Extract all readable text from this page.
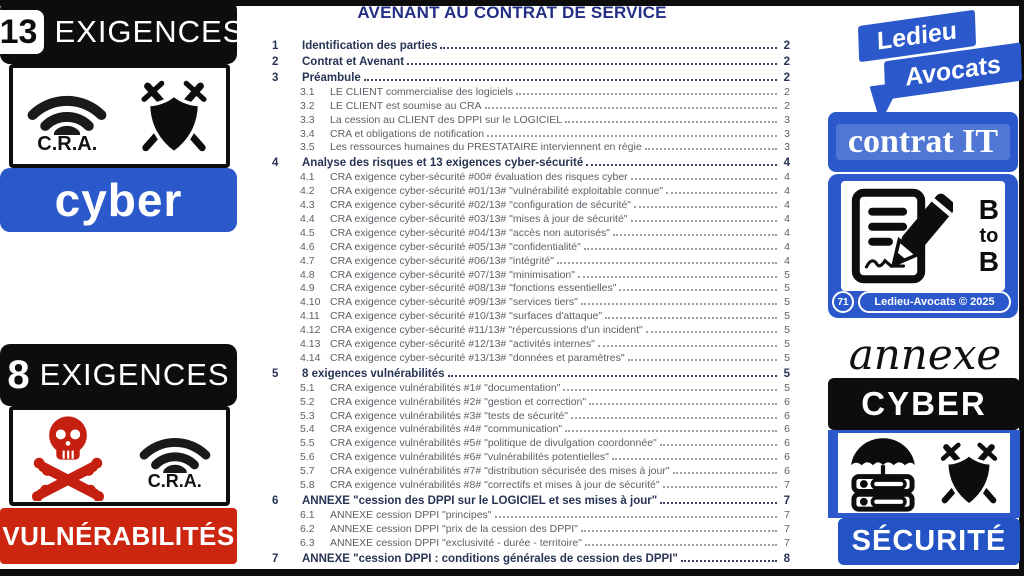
AVENANT AU CONTRAT DE SERVICE
1	Identification des parties	2
2	Contrat et Avenant	2
3	Préambule	2
3.1	LE CLIENT commercialise des logiciels	2
3.2	LE CLIENT est soumise au CRA	2
3.3	La cession au CLIENT des DPPI sur le LOGICIEL	3
3.4	CRA et obligations de notification	3
3.5	Les ressources humaines du PRESTATAIRE interviennent en régie	3
4	Analyse des risques et 13 exigences cyber-sécurité	4
4.1	CRA exigence cyber-sécurité #00# évaluation des risques cyber	4
4.2	CRA exigence cyber-sécurité #01/13# "vulnérabilité exploitable connue"	4
4.3	CRA exigence cyber-sécurité #02/13# "configuration de sécurité"	4
4.4	CRA exigence cyber-sécurité #03/13# "mises à jour de sécurité"	4
4.5	CRA exigence cyber-sécurité #04/13# "accès non autorisés"	4
4.6	CRA exigence cyber-sécurité #05/13# "confidentialité"	4
4.7	CRA exigence cyber-sécurité #06/13# "intégrité"	4
4.8	CRA exigence cyber-sécurité #07/13# "minimisation"	5
4.9	CRA exigence cyber-sécurité #08/13# "fonctions essentielles"	5
4.10 CRA exigence cyber-sécurité #09/13# "services tiers"	5
4.11 CRA exigence cyber-sécurité #10/13# "surfaces d'attaque"	5
4.12 CRA exigence cyber-sécurité #11/13# "répercussions d'un incident"	5
4.13 CRA exigence cyber-sécurité #12/13# "activités internes"	5
4.14 CRA exigence cyber-sécurité #13/13# "données et paramètres"	5
5	8 exigences vulnérabilités	5
5.1	CRA exigence vulnérabilités #1# "documentation"	5
5.2	CRA exigence vulnérabilités #2# "gestion et correction"	6
5.3	CRA exigence vulnérabilités #3# "tests de sécurité"	6
5.4	CRA exigence vulnérabilités #4# "communication"	6
5.5	CRA exigence vulnérabilités #5# "politique de divulgation coordonnée"	6
5.6	CRA exigence vulnérabilités #6# "vulnérabilités potentielles"	6
5.7	CRA exigence vulnérabilités #7# "distribution sécurisée des mises à jour"	6
5.8	CRA exigence vulnérabilités #8# "correctifs et mises à jour de sécurité"	7
6	ANNEXE "cession des DPPI sur le LOGICIEL et ses mises à jour"	7
6.1	ANNEXE cession DPPI "principes"	7
6.2	ANNEXE cession DPPI "prix de la cession des DPPI"	7
6.3	ANNEXE cession DPPI "exclusivité - durée - territoire"	7
7	ANNEXE "cession DPPI : conditions générales de cession des DPPI"	8
13 EXIGENCES
C.R.A.
cyber
8 EXIGENCES
C.R.A.
VULNÉRABILITÉS
Ledieu
Avocats
contrat IT
B
to
B
71	Ledieu-Avocats © 2025
annexe
CYBER
SÉCURITÉ
